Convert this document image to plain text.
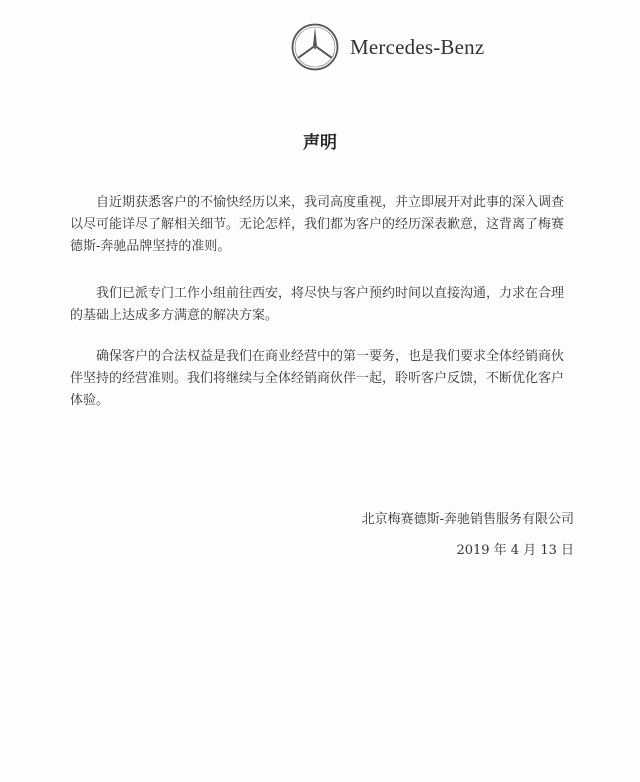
Mercedes-Benz
声明

自近期获悉客户的不愉快经历以来，我司高度重视，并立即展开对此事的深入调查以尽可能详尽了解相关细节。无论怎样，我们都为客户的经历深表歉意，这背离了梅赛德斯-奔驰品牌坚持的准则。

我们已派专门工作小组前往西安，将尽快与客户预约时间以直接沟通，力求在合理的基础上达成多方满意的解决方案。

确保客户的合法权益是我们在商业经营中的第一要务，也是我们要求全体经销商伙伴坚持的经营准则。我们将继续与全体经销商伙伴一起，聆听客户反馈，不断优化客户体验。

北京梅赛德斯-奔驰销售服务有限公司
2019 年 4 月 13 日
